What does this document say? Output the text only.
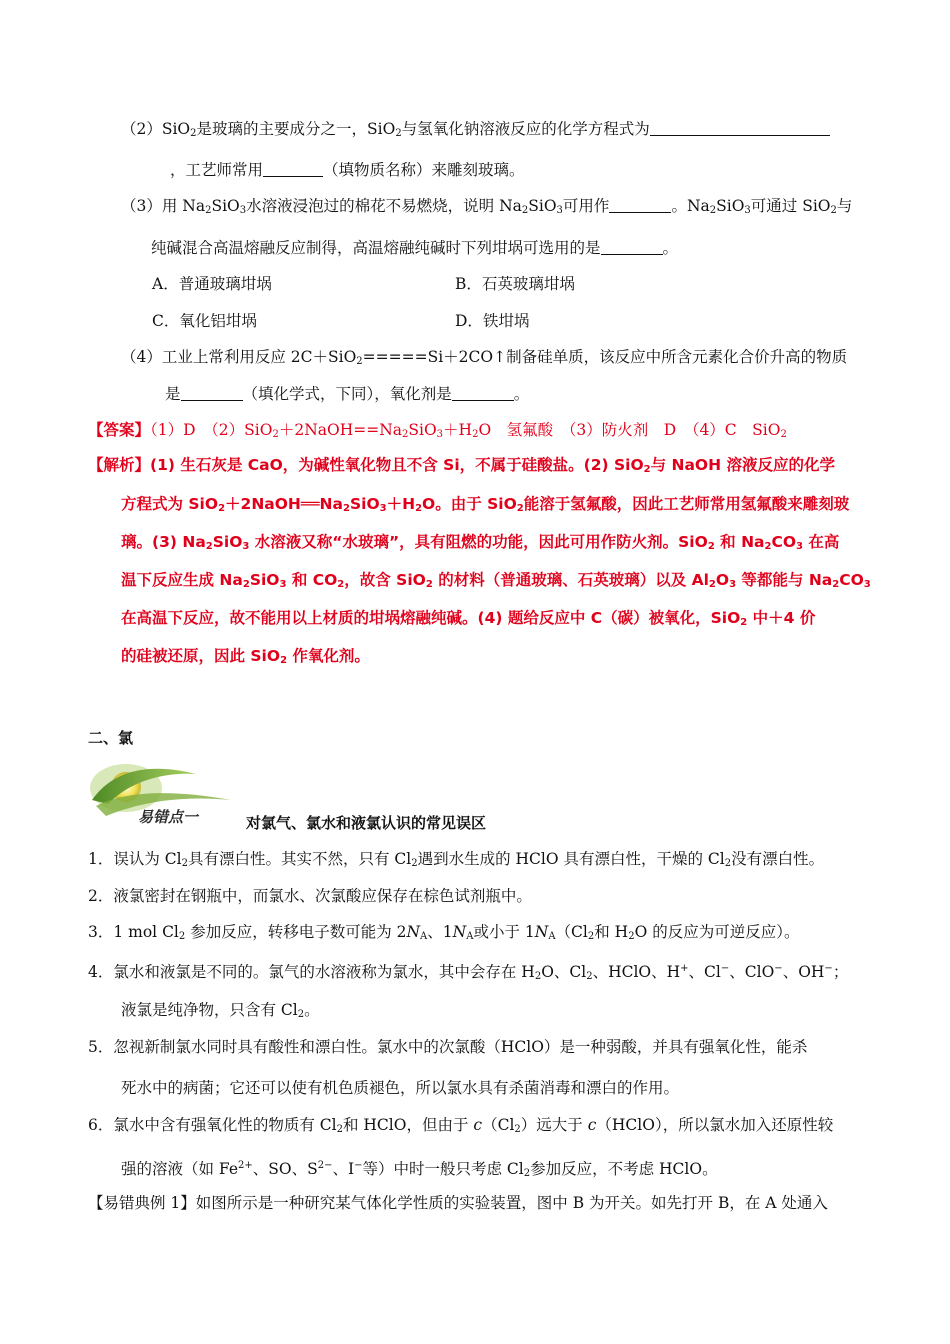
（2）SiO$_2$是玻璃的主要成分之一，SiO$_2$与氢氧化钠溶液反应的化学方程式为
，工艺师常用	（填物质名称）来雕刻玻璃。
（3）用 $Na_2SiO_3$水溶液浸泡过的棉花不易燃烧，说明 $Na_2SiO_3$可用作	。$Na_2SiO_3$可通过 SiO$_2$与
纯碱混合高温熔融反应制得，高温熔融纯碱时下列坩埚可选用的是	。
A．普通玻璃坩埚	B．石英玻璃坩埚
C．氧化铝坩埚	D．铁坩埚
（4）工业上常利用反应 2C＋SiO$_2$=====Si＋2CO↑制备硅单质，该反应中所含元素化合价升高的物质
是	（填化学式，下同），氧化剂是	。
【答案】（1）D　$(2)SiO_2+2NaOH==Na_2SiO_3+H_2O$　氢氟酸　（3）防火剂　D　（4）C　SiO$_2$
【解析】(1) 生石灰是 CaO，为碱性氧化物且不含 Si，不属于硅酸盐。(2) SiO$_2$与 NaOH 溶液反应的化学
方程式为 $SiO_2+2NaOH══Na_2SiO_3+H_2O$。由于 SiO$_2$能溶于氢氟酸，因此工艺师常用氢氟酸来雕刻玻
璃。(3) $Na_2SiO_3$ 水溶液又称“水玻璃”，具有阻燃的功能，因此可用作防火剂。SiO$_2$ 和 $Na_2CO_3$ 在高
温下反应生成 $Na_2SiO_3$ 和 $CO_2$，故含 SiO$_2$ 的材料（普通玻璃、石英玻璃）以及 $Al_2O_3$ 等都能与 $Na_2CO_3$
在高温下反应，故不能用以上材质的坩埚熔融纯碱。(4) 题给反应中 C（碳）被氧化，SiO$_2$ 中＋4 价
的硅被还原，因此 SiO$_2$ 作氧化剂。
二、氯
易错点一	对氯气、氯水和液氯认识的常见误区
1．误认为 $Cl_2$具有漂白性。其实不然，只有 $Cl_2$遇到水生成的 HClO 具有漂白性，干燥的 $Cl_2$没有漂白性。
2．液氯密封在钢瓶中，而氯水、次氯酸应保存在棕色试剂瓶中。
3．1 mol $Cl_2$ 参加反应，转移电子数可能为 $2N_A$、$1N_A$或小于 $1N_A(Cl_2$和 $H_2O$ 的反应为可逆反应）。
4．氯水和液氯是不同的。氯气的水溶液称为氯水，其中会存在 $H_2O$、$Cl_2$、HClO、H+、Cl−、ClO−、OH−；
液氯是纯净物，只含有 $Cl_2$。
5．忽视新制氯水同时具有酸性和漂白性。氯水中的次氯酸（HClO）是一种弱酸，并具有强氧化性，能杀
死水中的病菌；它还可以使有机色质褪色，所以氯水具有杀菌消毒和漂白的作用。
6．氯水中含有强氧化性的物质有 $Cl_2$和 HClO，但由于 $c(Cl_2)$远大于 c（HClO），所以氯水加入还原性较
强的溶液（如 $Fe^{2+}$、SO、$S^{2-}$、I−等）中时一般只考虑 $Cl_2$参加反应，不考虑 HClO。
【易错典例 1】如图所示是一种研究某气体化学性质的实验装置，图中 B 为开关。如先打开 B，在 A 处通入
